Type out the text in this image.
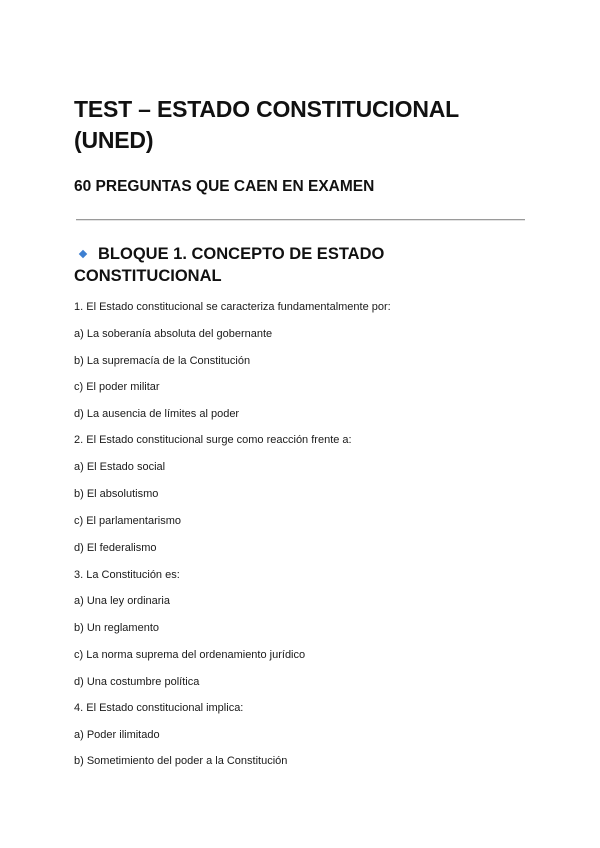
TEST – ESTADO CONSTITUCIONAL (UNED)
60 PREGUNTAS QUE CAEN EN EXAMEN
BLOQUE 1. CONCEPTO DE ESTADO CONSTITUCIONAL

1. El Estado constitucional se caracteriza fundamentalmente por:

a) La soberanía absoluta del gobernante

b) La supremacía de la Constitución

c) El poder militar

d) La ausencia de límites al poder

2. El Estado constitucional surge como reacción frente a:

a) El Estado social

b) El absolutismo

c) El parlamentarismo

d) El federalismo

3. La Constitución es:

a) Una ley ordinaria

b) Un reglamento

c) La norma suprema del ordenamiento jurídico

d) Una costumbre política

4. El Estado constitucional implica:

a) Poder ilimitado

b) Sometimiento del poder a la Constitución
